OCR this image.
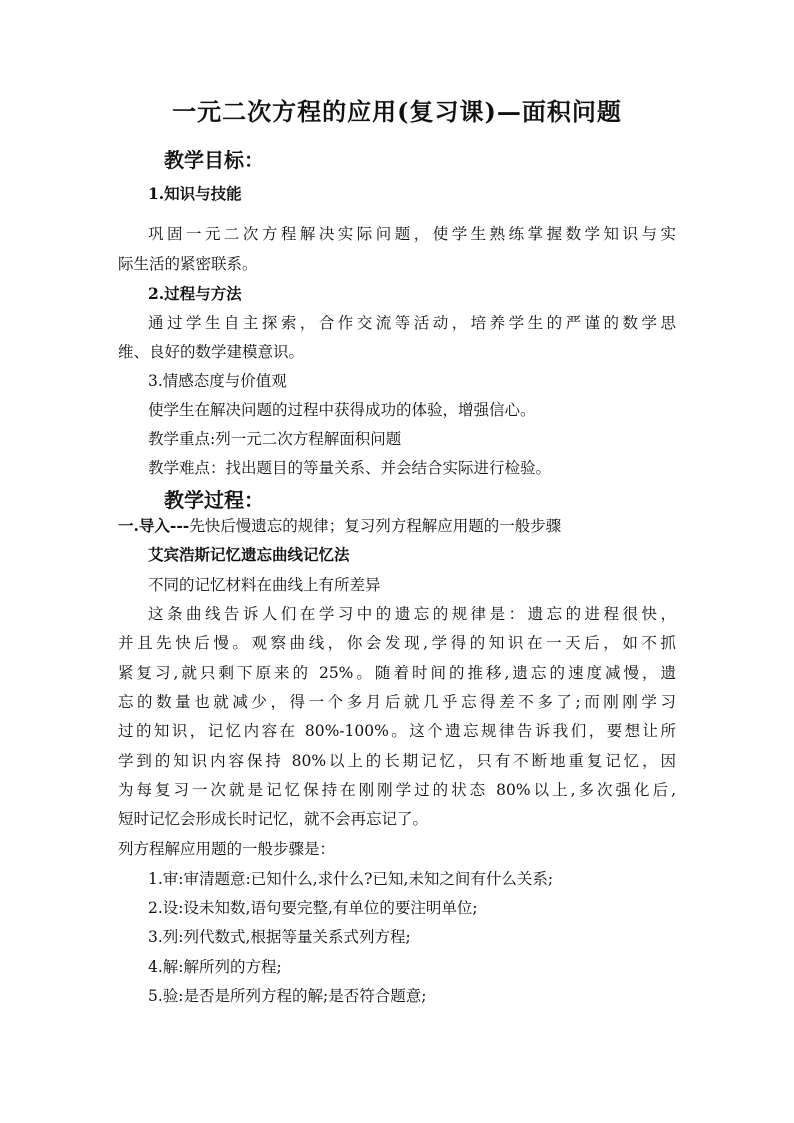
一元二次方程的应用(复习课)—面积问题
教学目标：
1.知识与技能
巩固一元二次方程解决实际问题，使学生熟练掌握数学知识与实
际生活的紧密联系。
2.过程与方法
通过学生自主探索，合作交流等活动，培养学生的严谨的数学思
维、良好的数学建模意识。
3.情感态度与价值观
使学生在解决问题的过程中获得成功的体验，增强信心。
教学重点:列一元二次方程解面积问题
教学难点：找出题目的等量关系、并会结合实际进行检验。
教学过程：
一.导入---先快后慢遗忘的规律；复习列方程解应用题的一般步骤
艾宾浩斯记忆遗忘曲线记忆法
不同的记忆材料在曲线上有所差异
这条曲线告诉人们在学习中的遗忘的规律是：遗忘的进程很快，
并且先快后慢。观察曲线，你会发现,学得的知识在一天后，如不抓
紧复习,就只剩下原来的 25%。随着时间的推移,遗忘的速度减慢，遗
忘的数量也就减少，得一个多月后就几乎忘得差不多了;而刚刚学习
过的知识，记忆内容在 80%-100%。这个遗忘规律告诉我们，要想让所
学到的知识内容保持 80%以上的长期记忆，只有不断地重复记忆，因
为每复习一次就是记忆保持在刚刚学过的状态 80%以上,多次强化后,
短时记忆会形成长时记忆，就不会再忘记了。
列方程解应用题的一般步骤是：
1.审:审清题意:已知什么,求什么?已知,未知之间有什么关系;
2.设:设未知数,语句要完整,有单位的要注明单位;
3.列:列代数式,根据等量关系式列方程;
4.解:解所列的方程;
5.验:是否是所列方程的解;是否符合题意;
